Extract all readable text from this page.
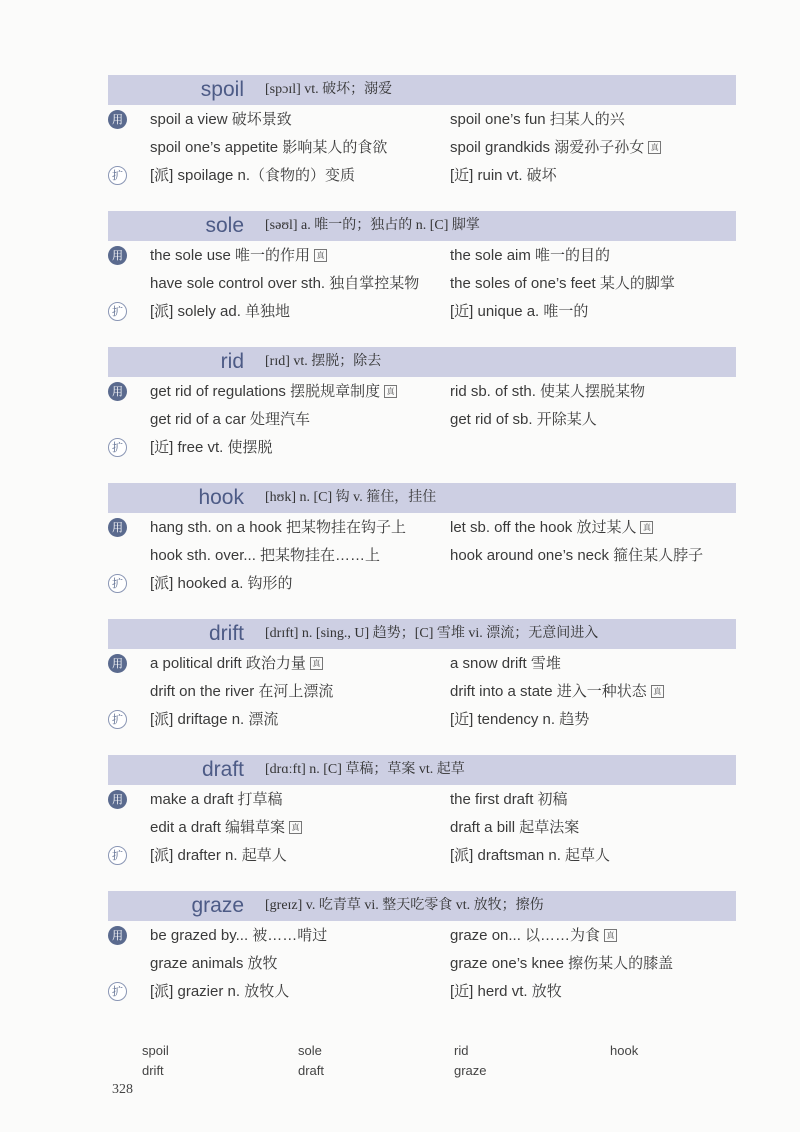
spoil [spɔɪl] vt. 破坏；溺爱
用 spoil a view 破坏景致	spoil one’s fun 扫某人的兴
spoil one’s appetite 影响某人的食欲	spoil grandkids 溺爱孙子孙女 真
扩 [派] spoilage n.（食物的）变质	[近] ruin vt. 破坏
sole [səʊl] a. 唯一的；独占的 n. [C] 脚掌
用 the sole use 唯一的作用 真	the sole aim 唯一的目的
have sole control over sth. 独自掌控某物 the soles of one’s feet 某人的脚掌
扩 [派] solely ad. 单独地	[近] unique a. 唯一的
rid [rɪd] vt. 摆脱；除去
用 get rid of regulations 摆脱规章制度 真	rid sb. of sth. 使某人摆脱某物
get rid of a car 处理汽车	get rid of sb. 开除某人
扩 [近] free vt. 使摆脱
hook [hʊk] n. [C] 钩 v. 箍住，挂住
用 hang sth. on a hook 把某物挂在钩子上	let sb. off the hook 放过某人 真
hook sth. over... 把某物挂在……上	hook around one’s neck 箍住某人脖子
扩 [派] hooked a. 钩形的
drift [drɪft] n. [sing., U] 趋势；[C] 雪堆 vi. 漂流；无意间进入
用 a political drift 政治力量 真	a snow drift 雪堆
drift on the river 在河上漂流	drift into a state 进入一种状态 真
扩 [派] driftage n. 漂流	[近] tendency n. 趋势
draft [drɑːft] n. [C] 草稿；草案 vt. 起草
用 make a draft 打草稿	the first draft 初稿
edit a draft 编辑草案 真	draft a bill 起草法案
扩 [派] drafter n. 起草人	[派] draftsman n. 起草人
graze [greɪz] v. 吃青草 vi. 整天吃零食 vt. 放牧；擦伤
用 be grazed by... 被……啃过	graze on... 以……为食 真
graze animals 放牧	graze one’s knee 擦伤某人的膝盖
扩 [派] grazier n. 放牧人	[近] herd vt. 放牧
spoil	sole	rid	hook
drift	draft	graze
328
